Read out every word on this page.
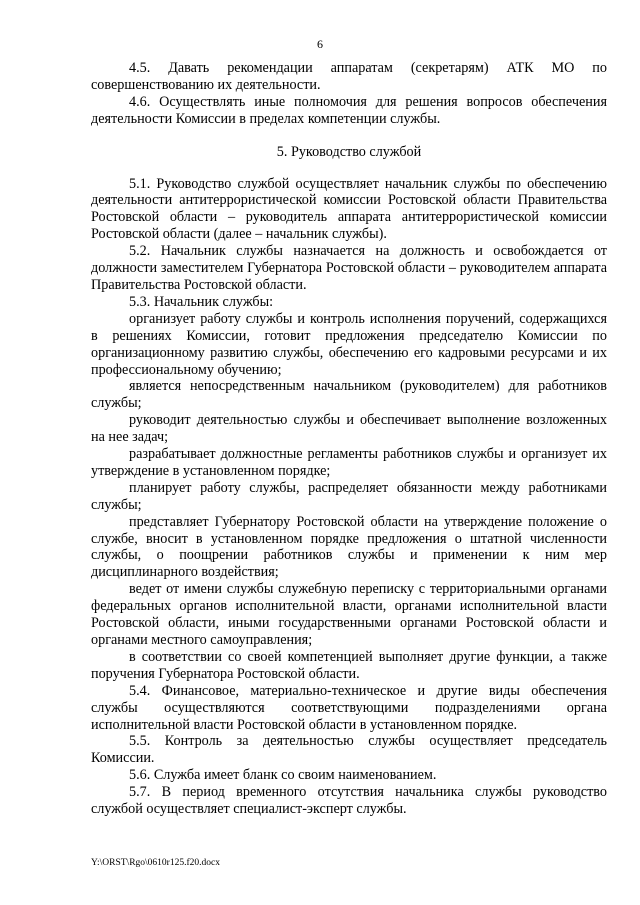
6

4.5. Давать рекомендации аппаратам (секретарям) АТК МО по совершенствованию их деятельности.

4.6. Осуществлять иные полномочия для решения вопросов обеспечения деятельности Комиссии в пределах компетенции службы.

5. Руководство службой

5.1. Руководство службой осуществляет начальник службы по обеспечению деятельности антитеррористической комиссии Ростовской области Правительства Ростовской области – руководитель аппарата антитеррористической комиссии Ростовской области (далее – начальник службы).

5.2. Начальник службы назначается на должность и освобождается от должности заместителем Губернатора Ростовской области – руководителем аппарата Правительства Ростовской области.

5.3. Начальник службы:

организует работу службы и контроль исполнения поручений, содержащихся в решениях Комиссии, готовит предложения председателю Комиссии по организационному развитию службы, обеспечению его кадровыми ресурсами и их профессиональному обучению;

является непосредственным начальником (руководителем) для работников службы;

руководит деятельностью службы и обеспечивает выполнение возложенных на нее задач;

разрабатывает должностные регламенты работников службы и организует их утверждение в установленном порядке;

планирует работу службы, распределяет обязанности между работниками службы;

представляет Губернатору Ростовской области на утверждение положение о службе, вносит в установленном порядке предложения о штатной численности службы, о поощрении работников службы и применении к ним мер дисциплинарного воздействия;

ведет от имени службы служебную переписку с территориальными органами федеральных органов исполнительной власти, органами исполнительной власти Ростовской области, иными государственными органами Ростовской области и органами местного самоуправления;

в соответствии со своей компетенцией выполняет другие функции, а также поручения Губернатора Ростовской области.

5.4. Финансовое, материально-техническое и другие виды обеспечения службы осуществляются соответствующими подразделениями органа исполнительной власти Ростовской области в установленном порядке.

5.5. Контроль за деятельностью службы осуществляет председатель Комиссии.

5.6. Служба имеет бланк со своим наименованием.

5.7. В период временного отсутствия начальника службы руководство службой осуществляет специалист-эксперт службы.

Y:\ORST\Rgo\0610r125.f20.docx
